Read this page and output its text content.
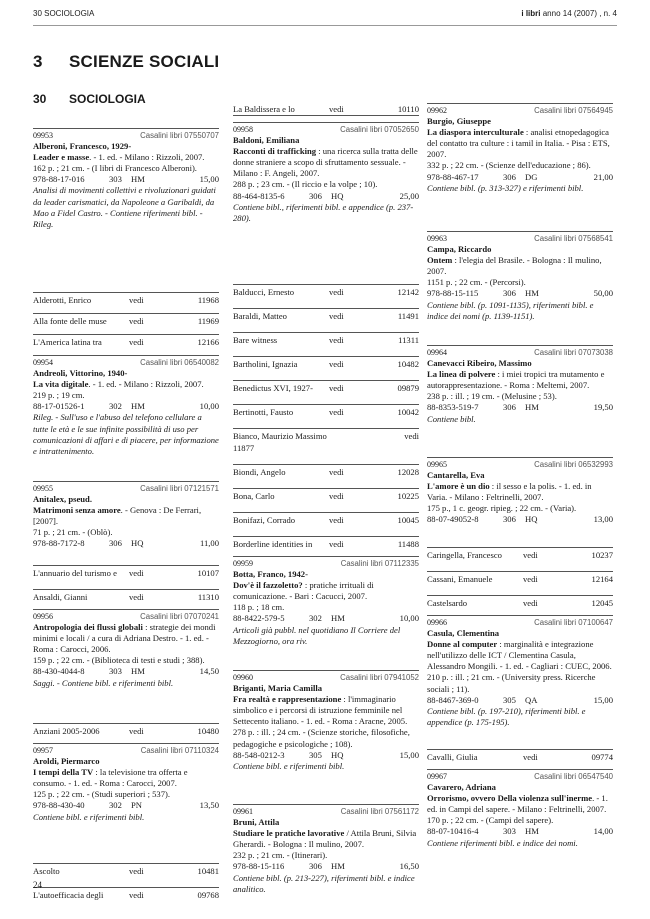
30 SOCIOLOGIA	i libri anno 14 (2007) , n. 4
3 SCIENZE SOCIALI
30 SOCIOLOGIA
09953	Casalini libri 07550707
Alberoni, Francesco, 1929-
Leader e masse. - 1. ed. - Milano : Rizzoli, 2007.
162 p. ; 21 cm. - (I libri di Francesco Alberoni).
978-88-17-016	303	HM	15,00
Analisi di movimenti collettivi e rivoluzionari guidati da leader carismatici, da Napoleone a Garibaldi, da Mao a Fidel Castro. - Contiene riferimenti bibl. - Rileg.
Alderotti, Enrico	vedi	11968
Alla fonte delle muse	vedi	11969
L'America latina tra	vedi	12166
09954	Casalini libri 06540082
Andreoli, Vittorino, 1940-
La vita digitale. - 1. ed. - Milano : Rizzoli, 2007.
219 p. ; 19 cm.
88-17-01526-1	302	HM	10,00
Rileg. - Sull'uso e l'abuso del telefono cellulare a tutte le età e le sue infinite possibilità di uso per comunicazioni di affari e di piacere, per informazione e intrattenimento.
09955	Casalini libri 07121571
Anitalex, pseud.
Matrimoni senza amore. - Genova : De Ferrari, [2007].
71 p. ; 21 cm. - (Oblò).
978-88-7172-8	306	HQ	11,00
L'annuario del turismo e	vedi	10107
Ansaldi, Gianni	vedi	11310
09956	Casalini libri 07070241
Antropologia dei flussi globali : strategie dei mondi minimi e locali / a cura di Adriana Destro. - 1. ed. - Roma : Carocci, 2006.
159 p. ; 22 cm. - (Biblioteca di testi e studi ; 388).
88-430-4044-8	303	HM	14,50
Saggi. - Contiene bibl. e riferimenti bibl.
Anziani 2005-2006	vedi	10480
09957	Casalini libri 07110324
Aroldi, Piermarco
I tempi della TV : la televisione tra offerta e consumo. - 1. ed. - Roma : Carocci, 2007.
125 p. ; 22 cm. - (Studi superiori ; 537).
978-88-430-40	302	PN	13,50
Contiene bibl. e riferimenti bibl.
Ascolto	vedi	10481
L'autoefficacia degli	vedi	09768
La Baldissera e lo	vedi	10110
09958	Casalini libri 07052650
Baldoni, Emiliana
Racconti di trafficking : una ricerca sulla tratta delle donne straniere a scopo di sfruttamento sessuale. - Milano : F. Angeli, 2007.
288 p. ; 23 cm. - (Il riccio e la volpe ; 10).
88-464-8135-6	306	HQ	25,00
Contiene bibl., riferimenti bibl. e appendice (p. 237-280).
Balducci, Ernesto	vedi	12142
Baraldi, Matteo	vedi	11491
Bare witness	vedi	11311
Bartholini, Ignazia	vedi	10482
Benedictus XVI, 1927-	vedi	09879
Bertinotti, Fausto	vedi	10042
Bianco, Maurizio Massimo	vedi
11877
Biondi, Angelo	vedi	12028
Bona, Carlo	vedi	10225
Bonifazi, Corrado	vedi	10045
Borderline identities in	vedi	11488
09959	Casalini libri 07112335
Botta, Franco, 1942-
Dov'è il fazzoletto? : pratiche irrituali di comunicazione. - Bari : Cacucci, 2007.
118 p. ; 18 cm.
88-8422-579-5	302	HM	10,00
Articoli già pubbl. nel quotidiano Il Corriere del Mezzogiorno, ora riv.
09960	Casalini libri 07941052
Briganti, Maria Camilla
Fra realtà e rappresentazione : l'immaginario simbolico e i percorsi di istruzione femminile nel Settecento italiano. - 1. ed. - Roma : Aracne, 2005.
278 p. : ill. ; 24 cm. - (Scienze storiche, filosofiche, pedagogiche e psicologiche ; 108).
88-548-0212-3	305	HQ	15,00
Contiene bibl. e riferimenti bibl.
09961	Casalini libri 07561172
Bruni, Attila
Studiare le pratiche lavorative / Attila Bruni, Silvia Gherardi. - Bologna : Il mulino, 2007.
232 p. ; 21 cm. - (Itinerari).
978-88-15-116	306	HM	16,50
Contiene bibl. (p. 213-227), riferimenti bibl. e indice analitico.
09962	Casalini libri 07564945
Burgio, Giuseppe
La diaspora interculturale : analisi etnopedagogica del contatto tra culture : i tamil in Italia. - Pisa : ETS, 2007.
332 p. ; 22 cm. - (Scienze dell'educazione ; 86).
978-88-467-17	306	DG	21,00
Contiene bibl. (p. 313-327) e riferimenti bibl.
09963	Casalini libri 07568541
Campa, Riccardo
Ontem : l'elegia del Brasile. - Bologna : Il mulino, 2007.
1151 p. ; 22 cm. - (Percorsi).
978-88-15-115	306	HM	50,00
Contiene bibl. (p. 1091-1135), riferimenti bibl. e indice dei nomi (p. 1139-1151).
09964	Casalini libri 07073038
Canevacci Ribeiro, Massimo
La linea di polvere : i miei tropici tra mutamento e autorappresentazione. - Roma : Meltemi, 2007.
238 p. : ill. ; 19 cm. - (Melusine ; 53).
88-8353-519-7	306	HM	19,50
Contiene bibl.
09965	Casalini libri 06532993
Cantarella, Eva
L'amore è un dio : il sesso e la polis. - 1. ed. in Varia. - Milano : Feltrinelli, 2007.
175 p., 1 c. geogr. ripieg. ; 22 cm. - (Varia).
88-07-49052-8	306	HQ	13,00
Caringella, Francesco	vedi	10237
Cassani, Emanuele	vedi	12164
Castelsardo	vedi	12045
09966	Casalini libri 07100647
Casula, Clementina
Donne al computer : marginalità e integrazione nell'utilizzo delle ICT / Clementina Casula, Alessandro Mongili. - 1. ed. - Cagliari : CUEC, 2006.
210 p. : ill. ; 21 cm. - (University press. Ricerche sociali ; 11).
88-8467-369-0	305	QA	15,00
Contiene bibl. (p. 197-210), riferimenti bibl. e appendice (p. 175-195).
Cavalli, Giulia	vedi	09774
09967	Casalini libri 06547540
Cavarero, Adriana
Orrorismo, ovvero Della violenza sull'inerme. - 1. ed. in Campi del sapere. - Milano : Feltrinelli, 2007.
170 p. ; 22 cm. - (Campi del sapere).
88-07-10416-4	303	HM	14,00
Contiene riferimenti bibl. e indice dei nomi.
24
